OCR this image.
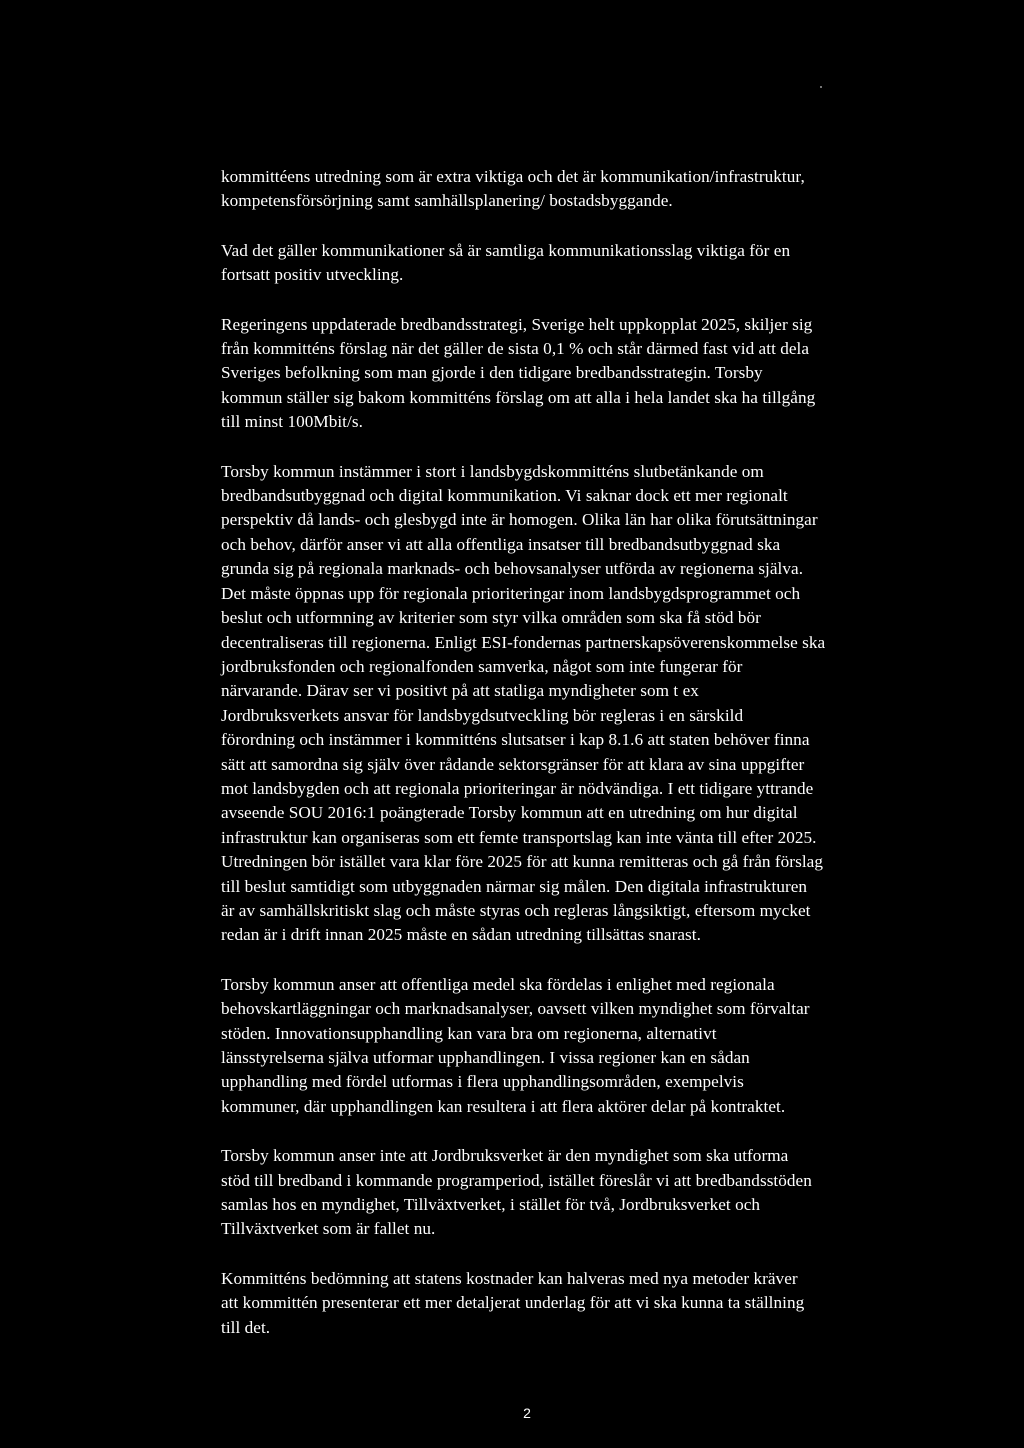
kommittéens utredning som är extra viktiga och det är kommunikation/infrastruktur,
kompetensförsörjning samt samhällsplanering/ bostadsbyggande.

Vad det gäller kommunikationer så är samtliga kommunikationsslag viktiga för en
fortsatt positiv utveckling.

Regeringens uppdaterade bredbandsstrategi, Sverige helt uppkopplat 2025, skiljer sig
från kommitténs förslag när det gäller de sista 0,1 % och står därmed fast vid att dela
Sveriges befolkning som man gjorde i den tidigare bredbandsstrategin. Torsby
kommun ställer sig bakom kommitténs förslag om att alla i hela landet ska ha tillgång
till minst 100Mbit/s.

Torsby kommun instämmer i stort i landsbygdskommitténs slutbetänkande om
bredbandsutbyggnad och digital kommunikation. Vi saknar dock ett mer regionalt
perspektiv då lands- och glesbygd inte är homogen. Olika län har olika förutsättningar
och behov, därför anser vi att alla offentliga insatser till bredbandsutbyggnad ska
grunda sig på regionala marknads- och behovsanalyser utförda av regionerna själva.
Det måste öppnas upp för regionala prioriteringar inom landsbygdsprogrammet och
beslut och utformning av kriterier som styr vilka områden som ska få stöd bör
decentraliseras till regionerna. Enligt ESI-fondernas partnerskapsöverenskommelse ska
jordbruksfonden och regionalfonden samverka, något som inte fungerar för
närvarande. Därav ser vi positivt på att statliga myndigheter som t ex
Jordbruksverkets ansvar för landsbygdsutveckling bör regleras i en särskild
förordning och instämmer i kommitténs slutsatser i kap 8.1.6 att staten behöver finna
sätt att samordna sig själv över rådande sektorsgränser för att klara av sina uppgifter
mot landsbygden och att regionala prioriteringar är nödvändiga. I ett tidigare yttrande
avseende SOU 2016:1 poängterade Torsby kommun att en utredning om hur digital
infrastruktur kan organiseras som ett femte transportslag kan inte vänta till efter 2025.
Utredningen bör istället vara klar före 2025 för att kunna remitteras och gå från förslag
till beslut samtidigt som utbyggnaden närmar sig målen. Den digitala infrastrukturen
är av samhällskritiskt slag och måste styras och regleras långsiktigt, eftersom mycket
redan är i drift innan 2025 måste en sådan utredning tillsättas snarast.

Torsby kommun anser att offentliga medel ska fördelas i enlighet med regionala
behovskartläggningar och marknadsanalyser, oavsett vilken myndighet som förvaltar
stöden. Innovationsupphandling kan vara bra om regionerna, alternativt
länsstyrelserna själva utformar upphandlingen. I vissa regioner kan en sådan
upphandling med fördel utformas i flera upphandlingsområden, exempelvis
kommuner, där upphandlingen kan resultera i att flera aktörer delar på kontraktet.

Torsby kommun anser inte att Jordbruksverket är den myndighet som ska utforma
stöd till bredband i kommande programperiod, istället föreslår vi att bredbandsstöden
samlas hos en myndighet, Tillväxtverket, i stället för två, Jordbruksverket och
Tillväxtverket som är fallet nu.

Kommitténs bedömning att statens kostnader kan halveras med nya metoder kräver
att kommittén presenterar ett mer detaljerat underlag för att vi ska kunna ta ställning
till det.

2
